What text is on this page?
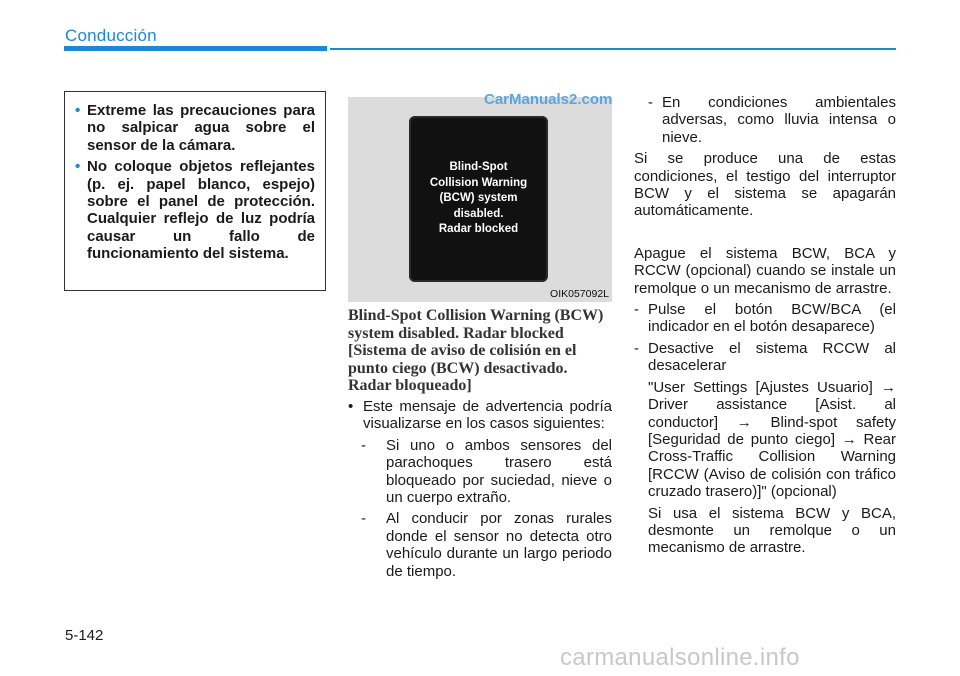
Conducción
• Extreme las precauciones para no salpicar agua sobre el sensor de la cámara.
• No coloque objetos reflejantes (p. ej. papel blanco, espejo) sobre el panel de protección. Cualquier reflejo de luz podría causar un fallo de funcionamiento del sistema.
Blind-Spot
Collision Warning
(BCW) system
disabled.
Radar blocked
OIK057092L
CarManuals2.com
Blind-Spot Collision Warning (BCW) system disabled. Radar blocked [Sistema de aviso de colisión en el punto ciego (BCW) desactivado. Radar bloqueado]
• Este mensaje de advertencia podría visualizarse en los casos siguientes:
- Si uno o ambos sensores del parachoques trasero está bloqueado por suciedad, nieve o un cuerpo extraño.
- Al conducir por zonas rurales donde el sensor no detecta otro vehículo durante un largo periodo de tiempo.
- En condiciones ambientales adversas, como lluvia intensa o nieve.

Si se produce una de estas condiciones, el testigo del interruptor BCW y el sistema se apagarán automáticamente.

Apague el sistema BCW, BCA y RCCW (opcional) cuando se instale un remolque o un mecanismo de arrastre.

- Pulse el botón BCW/BCA (el indicador en el botón desaparece)
- Desactive el sistema RCCW al desacelerar

"User Settings [Ajustes Usuario] → Driver assistance [Asist. al conductor] → Blind-spot safety [Seguridad de punto ciego] → Rear Cross-Traffic Collision Warning [RCCW (Aviso de colisión con tráfico cruzado trasero)]" (opcional)

Si usa el sistema BCW y BCA, desmonte un remolque o un mecanismo de arrastre.

5-142
carmanualsonline.info
